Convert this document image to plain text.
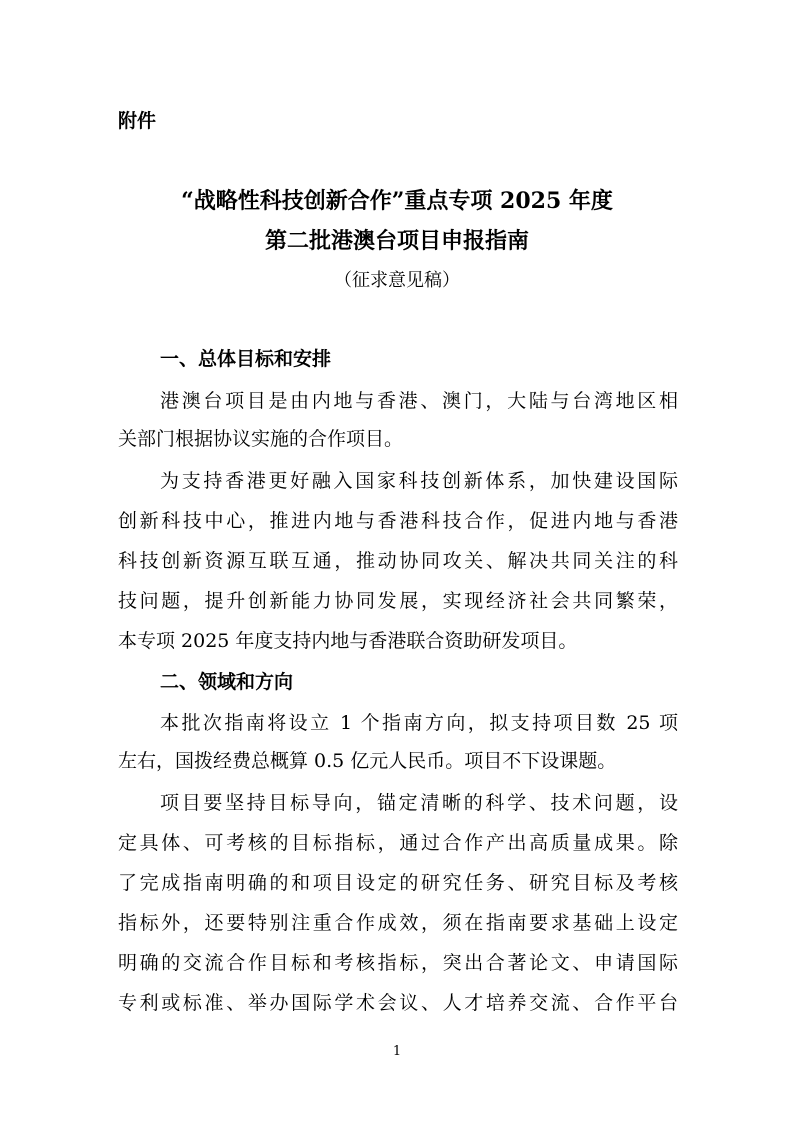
附件
“战略性科技创新合作”重点专项 2025 年度
第二批港澳台项目申报指南
（征求意见稿）
一、总体目标和安排
港澳台项目是由内地与香港、澳门，大陆与台湾地区相
关部门根据协议实施的合作项目。
为支持香港更好融入国家科技创新体系，加快建设国际
创新科技中心，推进内地与香港科技合作，促进内地与香港
科技创新资源互联互通，推动协同攻关、解决共同关注的科
技问题，提升创新能力协同发展，实现经济社会共同繁荣，
本专项 2025 年度支持内地与香港联合资助研发项目。
二、领域和方向
本批次指南将设立 1 个指南方向，拟支持项目数 25 项
左右，国拨经费总概算 0.5 亿元人民币。项目不下设课题。
项目要坚持目标导向，锚定清晰的科学、技术问题，设
定具体、可考核的目标指标，通过合作产出高质量成果。除
了完成指南明确的和项目设定的研究任务、研究目标及考核
指标外，还要特别注重合作成效，须在指南要求基础上设定
明确的交流合作目标和考核指标，突出合著论文、申请国际
专利或标准、举办国际学术会议、人才培养交流、合作平台
1
